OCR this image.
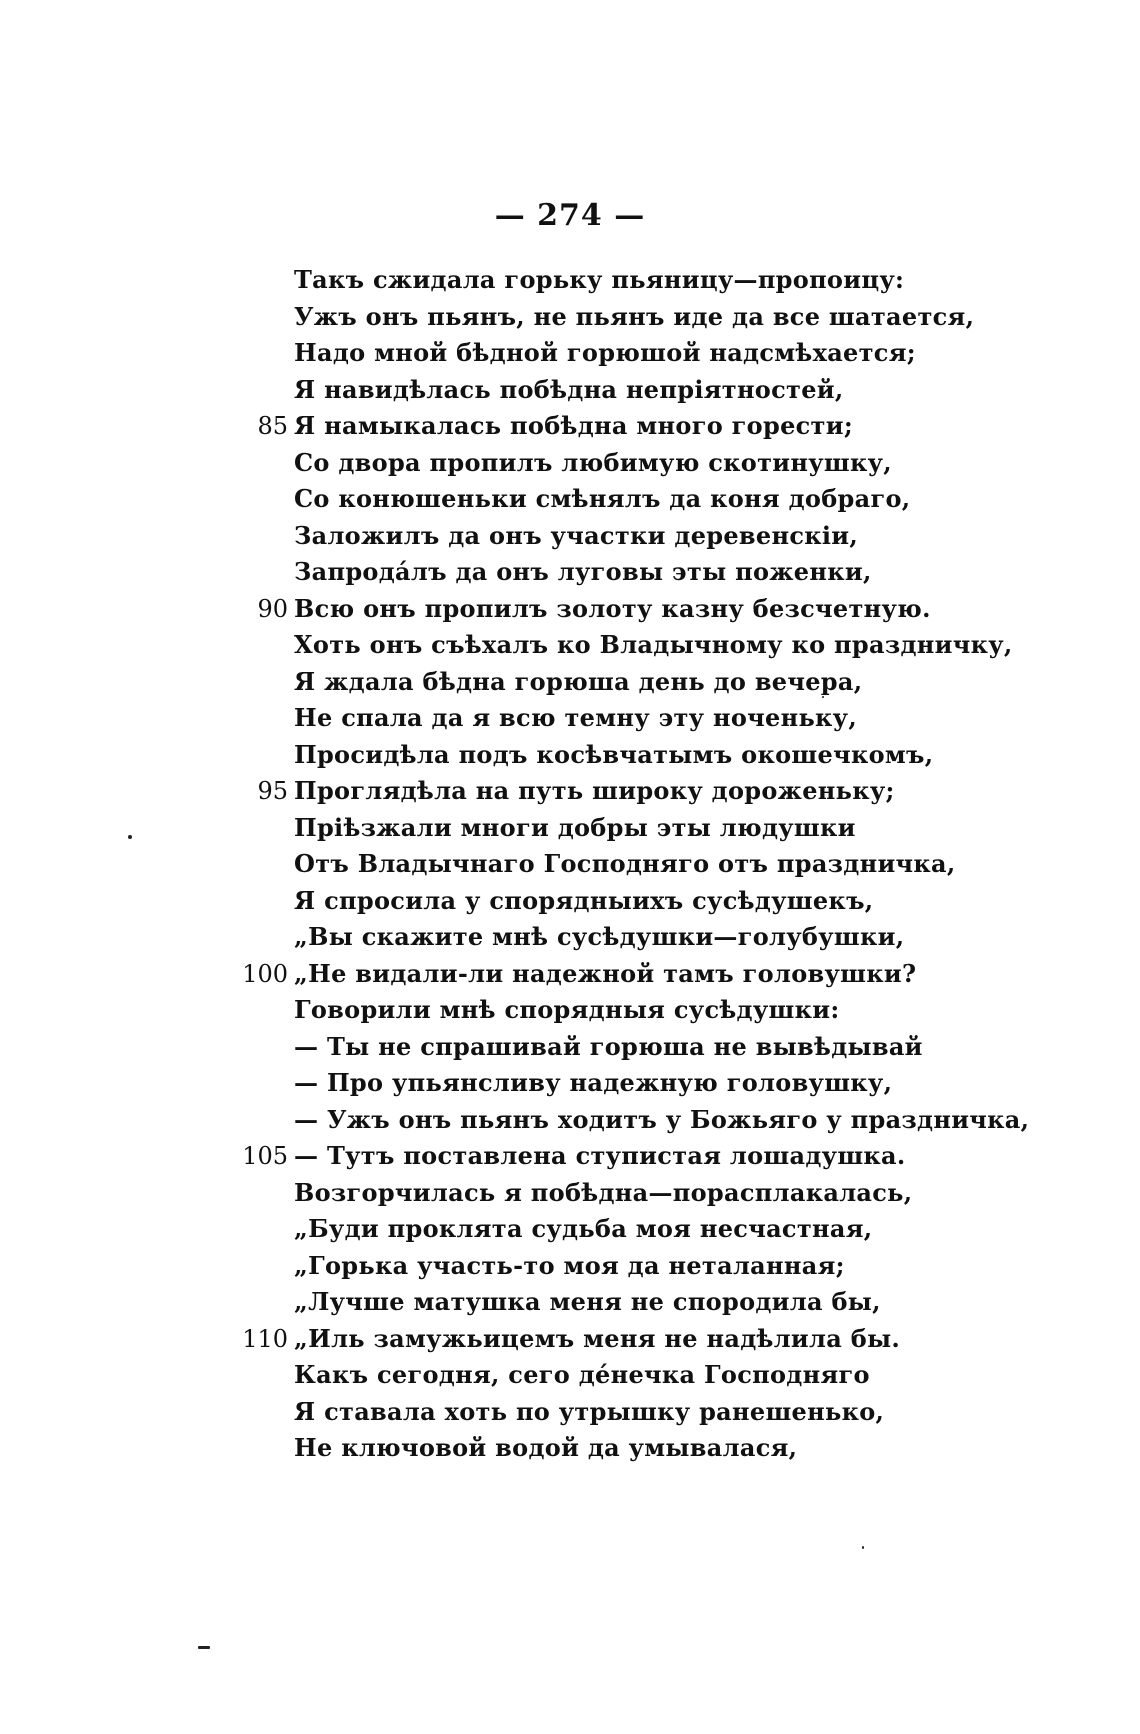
— 274 —
Такъ сжидала горьку пьяницу—пропоицу:
Ужъ онъ пьянъ, не пьянъ иде да все шатается,
Надо мной бѣдной горюшой надсмѣхается;
Я навидѣлась побѣдна непріятностей,
85 Я намыкалась побѣдна много горести;
Со двора пропилъ любимую скотинушку,
Со конюшеньки смѣнялъ да коня добраго,
Заложилъ да онъ участки деревенскіи,
Запрода́лъ да онъ луговы эты поженки,
90 Всю онъ пропилъ золоту казну безсчетную.
Хоть онъ съѣхалъ ко Владычному ко праздничку,
Я ждала бѣдна горюша день до вечера,
Не спала да я всю темну эту ноченьку,
Просидѣла подъ косѣвчатымъ окошечкомъ,
95 Проглядѣла на путь широку дороженьку;
Пріѣзжали многи добры эты людушки
Отъ Владычнаго Господняго отъ праздничка,
Я спросила у спорядныихъ сусѣдушекъ,
„Вы скажите мнѣ сусѣдушки—голубушки,
100 „Не видали-ли надежной тамъ головушки?
Говорили мнѣ спорядныя сусѣдушки:
— Ты не спрашивай горюша не вывѣдывай
— Про упьянсливу надежную головушку,
— Ужъ онъ пьянъ ходитъ у Божьяго у праздничка,
105 — Тутъ поставлена ступистая лошадушка.
Возгорчилась я побѣдна—порасплакалась,
„Буди проклята судьба моя несчастная,
„Горька участь-то моя да неталанная;
„Лучше матушка меня не спородила бы,
110 „Иль замужьицемъ меня не надѣлила бы.
Какъ сегодня, сего де́нечка Господняго
Я ставала хоть по утрышку ранешенько,
Не ключовой водой да умывалася,
